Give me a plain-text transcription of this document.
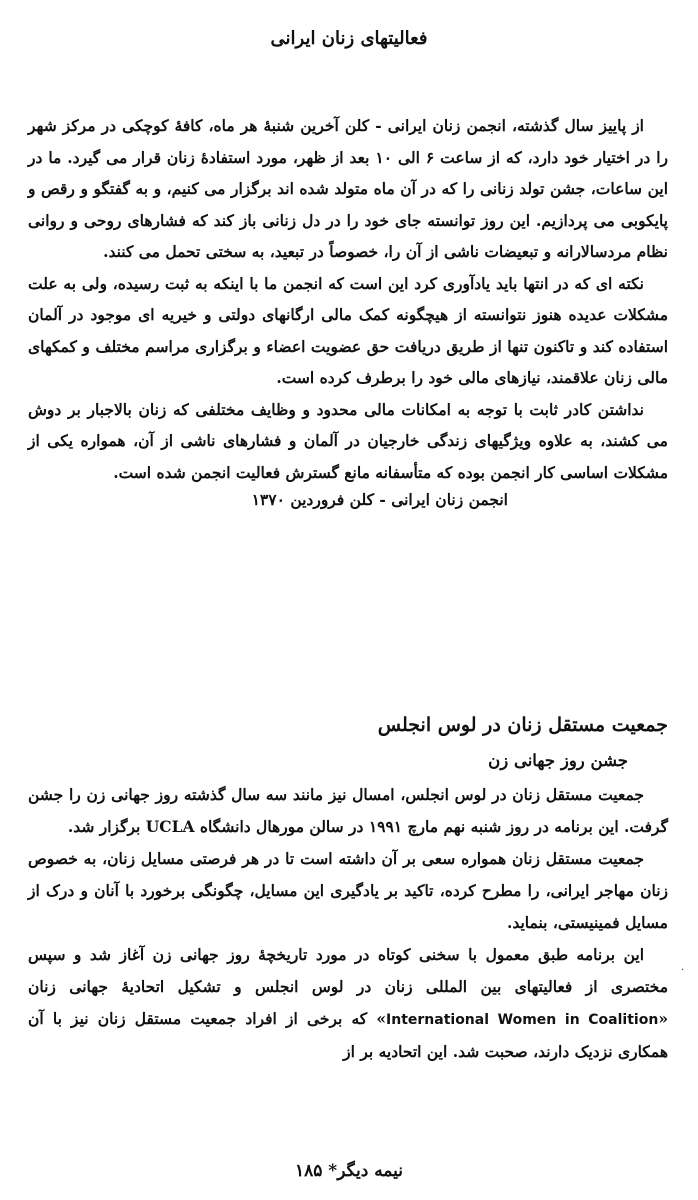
فعالیتهای زنان ایرانی

از پاییز سال گذشته، انجمن زنان ایرانی - کلن آخرین شنبهٔ هر ماه، کافهٔ کوچکی در مرکز شهر را در اختیار خود دارد، که از ساعت ۶ الی ۱۰ بعد از ظهر، مورد استفادهٔ زنان قرار می گیرد. ما در این ساعات، جشن تولد زنانی را که در آن ماه متولد شده اند برگزار می کنیم، و به گفتگو و رقص و پایکوبی می پردازیم. این روز توانسته جای خود را در دل زنانی باز کند که فشارهای روحی و روانی نظام مردسالارانه و تبعیضات ناشی از آن را، خصوصاً در تبعید، به سختی تحمل می کنند.

نکته ای که در انتها باید یادآوری کرد این است که انجمن ما با اینکه به ثبت رسیده، ولی به علت مشکلات عدیده هنوز نتوانسته از هیچگونه کمک مالی ارگانهای دولتی و خیریه ای موجود در آلمان استفاده کند و تاکنون تنها از طریق دریافت حق عضویت اعضاء و برگزاری مراسم مختلف و کمکهای مالی زنان علاقمند، نیازهای مالی خود را برطرف کرده است.

نداشتن کادر ثابت با توجه به امکانات مالی محدود و وظایف مختلفی که زنان بالاجبار بر دوش می کشند، به علاوه ویژگیهای زندگی خارجیان در آلمان و فشارهای ناشی از آن، همواره یکی از مشکلات اساسی کار انجمن بوده که متأسفانه مانع گسترش فعالیت انجمن شده است.

انجمن زنان ایرانی - کلن فروردین ۱۳۷۰
جمعیت مستقل زنان در لوس انجلس
جشن روز جهانی زن

جمعیت مستقل زنان در لوس انجلس، امسال نیز مانند سه سال گذشته روز جهانی زن را جشن گرفت. این برنامه در روز شنبه نهم مارچ ۱۹۹۱ در سالن مورهال دانشگاه UCLA برگزار شد.

جمعیت مستقل زنان همواره سعی بر آن داشته است تا در هر فرصتی مسایل زنان، به خصوص زنان مهاجر ایرانی، را مطرح کرده، تاکید بر یادگیری این مسایل، چگونگی برخورد با آنان و درک از مسایل فمینیستی، بنماید.

این برنامه طبق معمول با سخنی کوتاه در مورد تاریخچهٔ روز جهانی زن آغاز شد و سپس مختصری از فعالیتهای بین المللی زنان در لوس انجلس و تشکیل اتحادیهٔ جهانی زنان «International Women in Coalition» که برخی از افراد جمعیت مستقل زنان نیز با آن همکاری نزدیک دارند، صحبت شد. این اتحادیه بر از

·
نیمه دیگر* ۱۸۵
